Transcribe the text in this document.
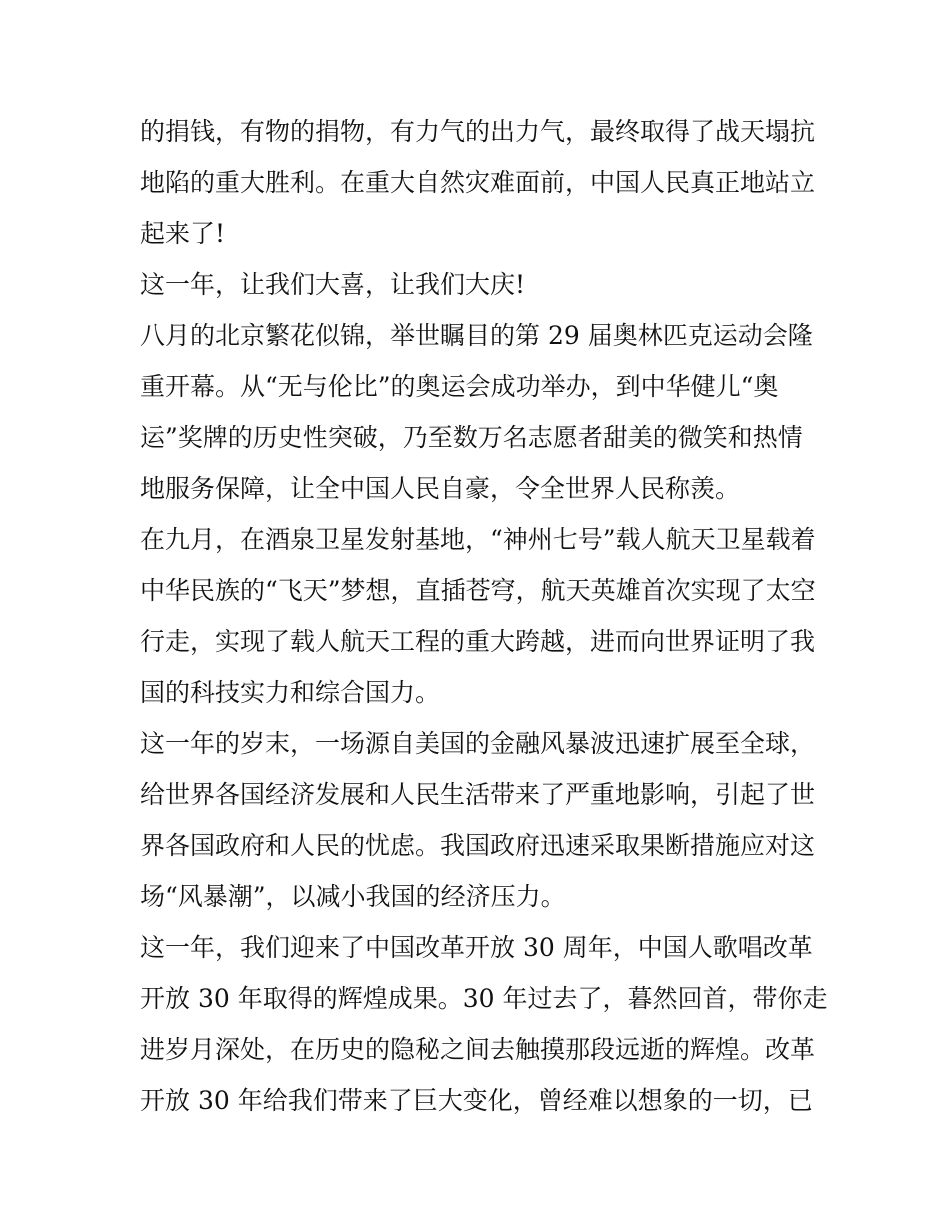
的捐钱，有物的捐物，有力气的出力气，最终取得了战天塌抗
地陷的重大胜利。在重大自然灾难面前，中国人民真正地站立
起来了!
这一年，让我们大喜，让我们大庆!
八月的北京繁花似锦，举世瞩目的第 29 届奥林匹克运动会隆
重开幕。从“无与伦比”的奥运会成功举办，到中华健儿“奥
运”奖牌的历史性突破，乃至数万名志愿者甜美的微笑和热情
地服务保障，让全中国人民自豪，令全世界人民称羡。
在九月，在酒泉卫星发射基地，“神州七号”载人航天卫星载着
中华民族的“飞天”梦想，直插苍穹，航天英雄首次实现了太空
行走，实现了载人航天工程的重大跨越，进而向世界证明了我
国的科技实力和综合国力。
这一年的岁末，一场源自美国的金融风暴波迅速扩展至全球，
给世界各国经济发展和人民生活带来了严重地影响，引起了世
界各国政府和人民的忧虑。我国政府迅速采取果断措施应对这
场“风暴潮”，以减小我国的经济压力。
这一年，我们迎来了中国改革开放 30 周年，中国人歌唱改革
开放 30 年取得的辉煌成果。30 年过去了，暮然回首，带你走
进岁月深处，在历史的隐秘之间去触摸那段远逝的辉煌。改革
开放 30 年给我们带来了巨大变化，曾经难以想象的一切，已
